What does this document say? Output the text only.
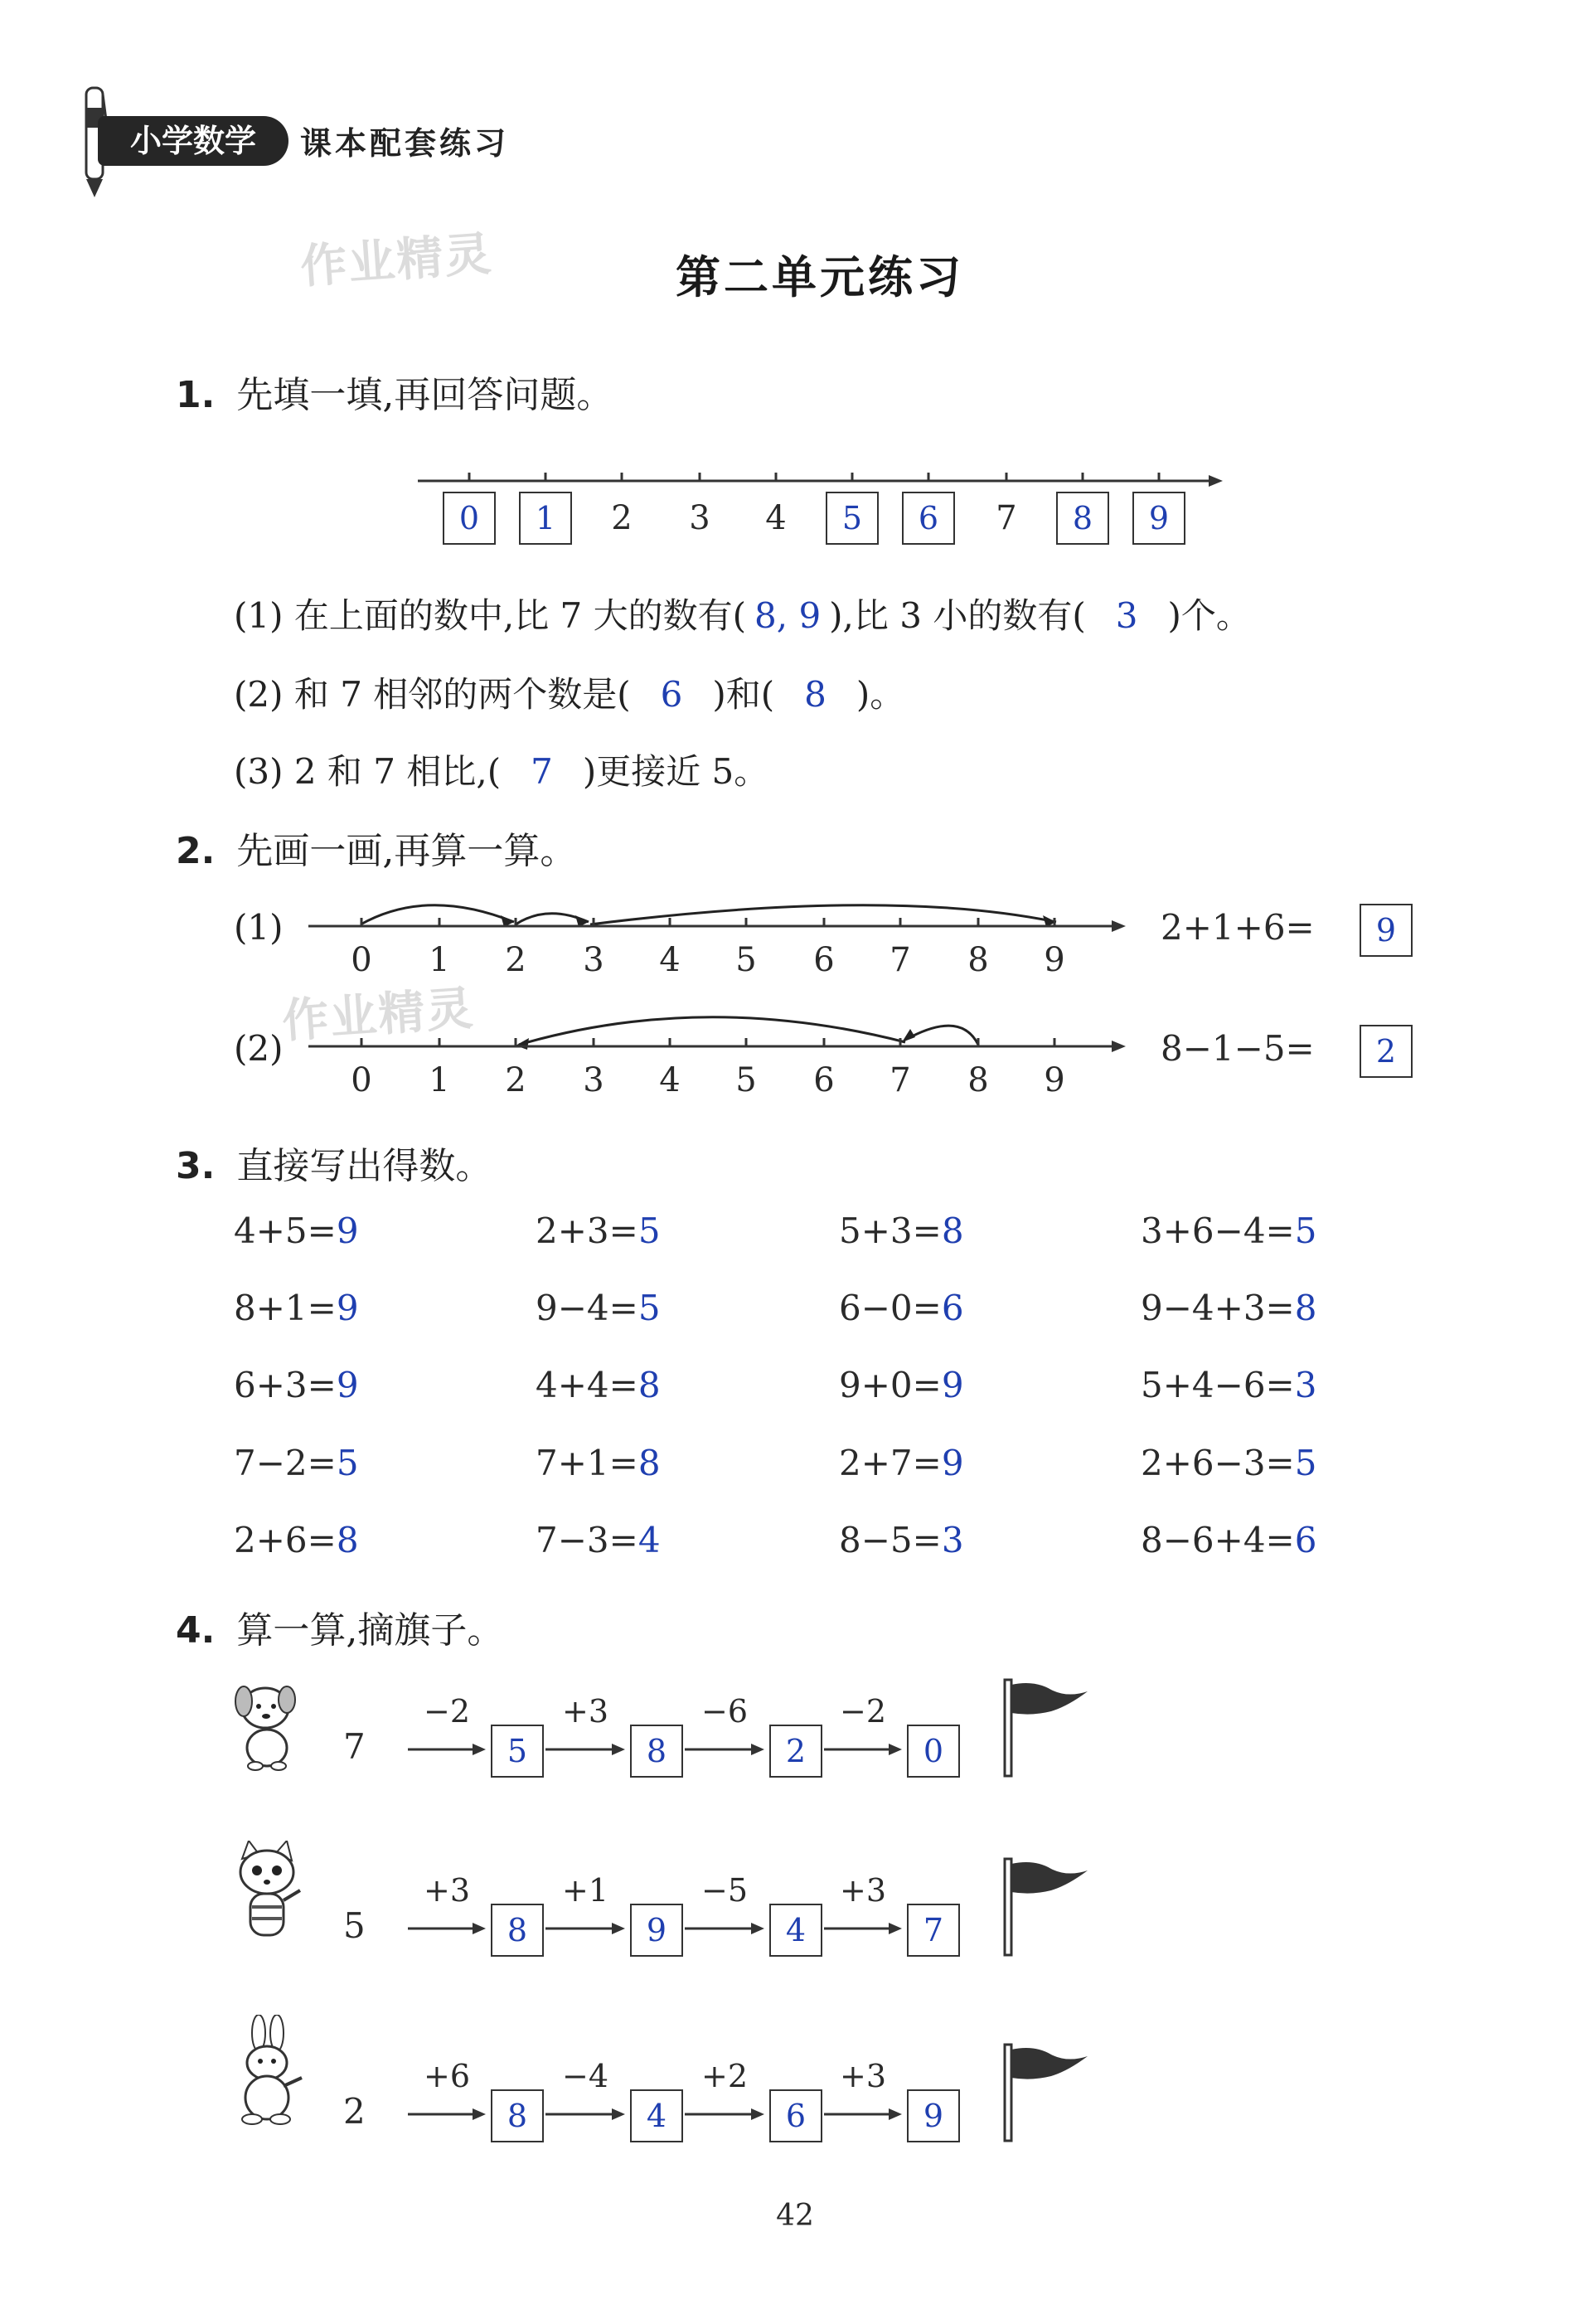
小学数学	课本配套练习
作业精灵
作业精灵
第二单元练习
1. 先填一填,再回答问题。
0	1	2 3 4	5	6	7	8	9
(1) 在上面的数中,比 7 大的数有( 8, 9 ),比 3 小的数有( 3 )个。
(2) 和 7 相邻的两个数是( 6 )和( 8 )。
(3) 2 和 7 相比,( 7 )更接近 5。
2. 先画一画,再算一算。
(1)
0 1 2 3 4 5 6 7 8 9
2+1+6=	9
(2)
0 1 2 3 4 5 6 7 8 9
8−1−5=	2
3. 直接写出得数。
4+5=9	2+3=5	5+3=8	3+6−4=5
8+1=9	9−4=5	6−0=6	9−4+3=8
6+3=9	4+4=8	9+0=9	5+4−6=3
7−2=5	7+1=8	2+7=9	2+6−3=5
2+6=8	7−3=4	8−5=3	8−6+4=6
4. 算一算,摘旗子。
7
−2
5
+3
8
−6
2
−2
0
5
+3
8
+1
9
−5
4
+3
7
2
+6
8
−4
4
+2
6
+3
9
42
